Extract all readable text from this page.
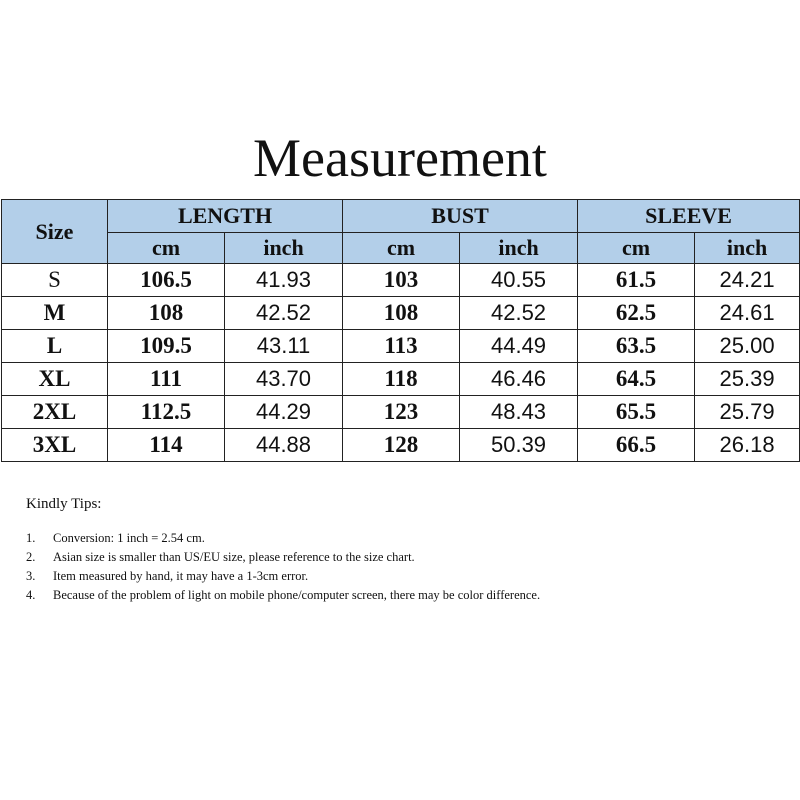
Measurement
Size	LENGTH		BUST		SLEEVE	
	cm	inch	cm	inch	cm	inch
S	106.5	41.93	103	40.55	61.5	24.21
M	108	42.52	108	42.52	62.5	24.61
L	109.5	43.11	113	44.49	63.5	25.00
XL	111	43.70	118	46.46	64.5	25.39
2XL	112.5	44.29	123	48.43	65.5	25.79
3XL	114	44.88	128	50.39	66.5	26.18
Kindly Tips:
1.	Conversion: 1 inch = 2.54 cm.
2.	Asian size is smaller than US/EU size, please reference to the size chart.
3.	Item measured by hand, it may have a 1-3cm error.
4.	Because of the problem of light on mobile phone/computer screen, there may be color difference.
